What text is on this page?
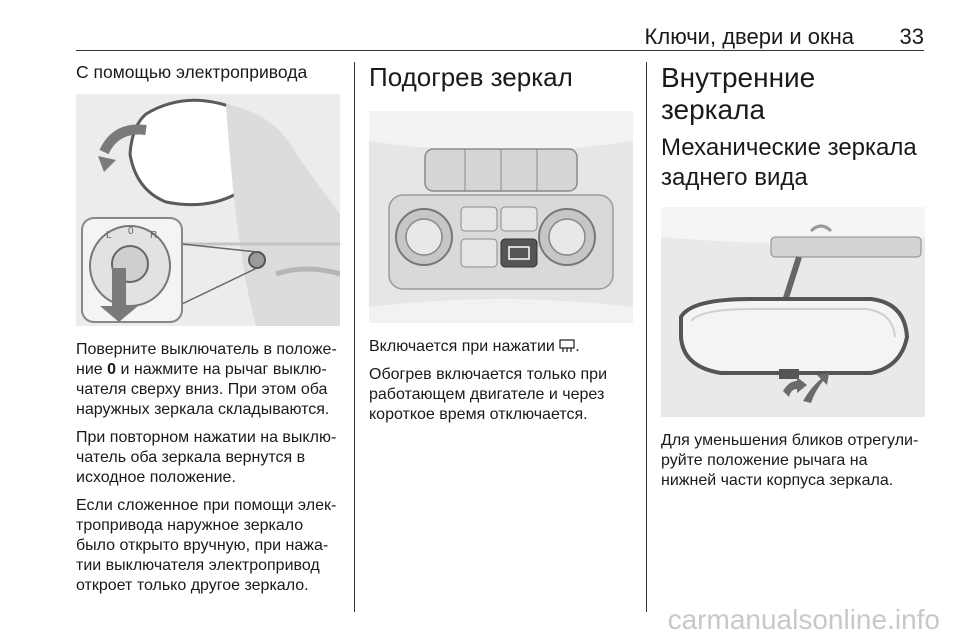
Ключи, двери и окна 33
С помощью электропривода
L 0 R

Поверните выключатель в положе-ние 0 и нажмите на рычаг выклю-чателя сверху вниз. При этом оба наружных зеркала складываются.

При повторном нажатии на выклю-чатель оба зеркала вернутся в исходное положение.

Если сложенное при помощи элек-тропривода наружное зеркало было открыто вручную, при нажа-тии выключателя электропривод откроет только другое зеркало.

Подогрев зеркал

Включается при нажатии .

Обогрев включается только при работающем двигателе и через короткое время отключается.

Внутренние зеркала
Механические зеркала заднего вида

Для уменьшения бликов отрегули-руйте положение рычага на нижней части корпуса зеркала.

carmanualsonline.info
